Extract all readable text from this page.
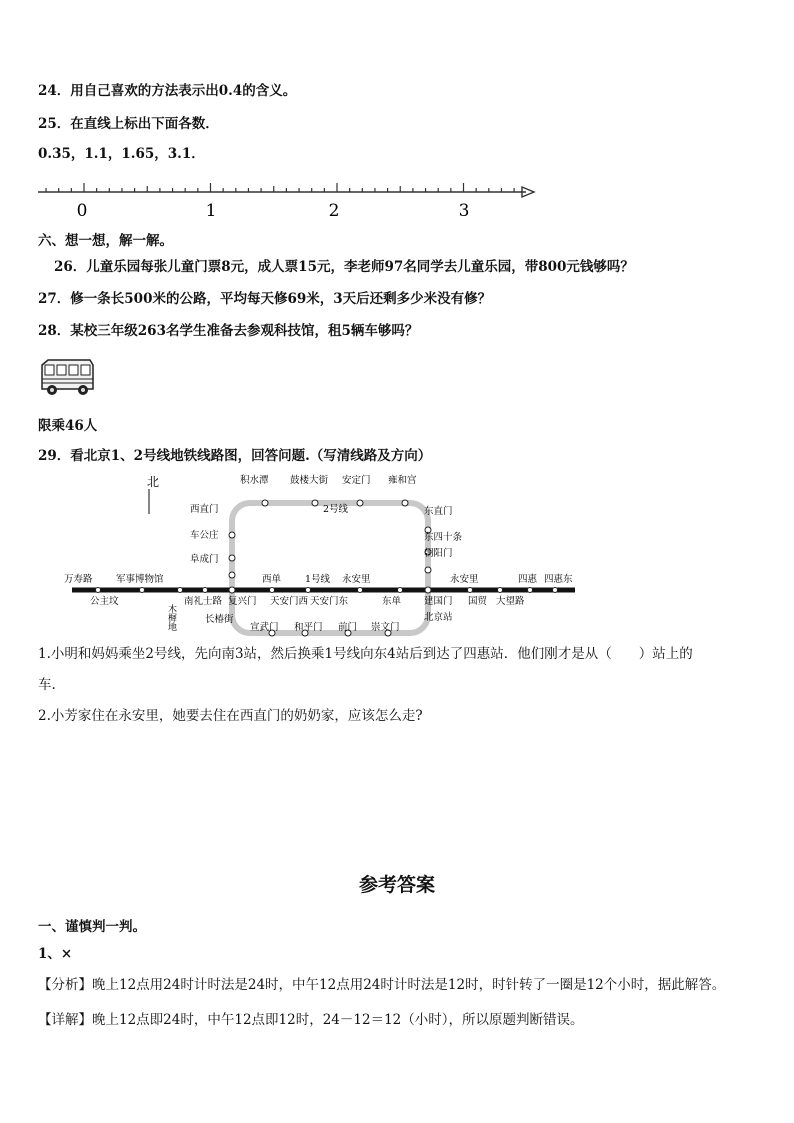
24．用自己喜欢的方法表示出0.4的含义。
25．在直线上标出下面各数．
0.35，1.1，1.65，3.1．
0	1	2	3
六、想一想，解一解。
26．儿童乐园每张儿童门票8元，成人票15元，李老师97名同学去儿童乐园，带800元钱够吗？
27．修一条长500米的公路，平均每天修69米，3天后还剩多少米没有修？
28．某校三年级263名学生准备去参观科技馆，租5辆车够吗？
限乘46人
29．看北京1、2号线地铁线路图，回答问题.（写清线路及方向）
北
2号线
积水潭 鼓楼大街 安定门 雍和宫
西直门
车公庄
阜成门
东直门
东四十条
朝阳门
万寿路 军事博物馆	西单	永安里	永安里	四惠 四惠东
1号线
公主坟
木樨地
南礼士路 复兴门 天安门西 天安门东	东单 建国门 国贸 大望路
长椿街
宣武门 和平门 前门 崇文门
北京站
1.小明和妈妈乘坐2号线，先向南3站，然后换乘1号线向东4站后到达了四惠站．他们刚才是从（　　）站上的
车.
2.小芳家住在永安里，她要去住在西直门的奶奶家，应该怎么走?
参考答案
一、谨慎判一判。
1、×
【分析】晚上12点用24时计时法是24时，中午12点用24时计时法是12时，时针转了一圈是12个小时，据此解答。
【详解】晚上12点即24时，中午12点即12时，24－12＝12（小时），所以原题判断错误。
